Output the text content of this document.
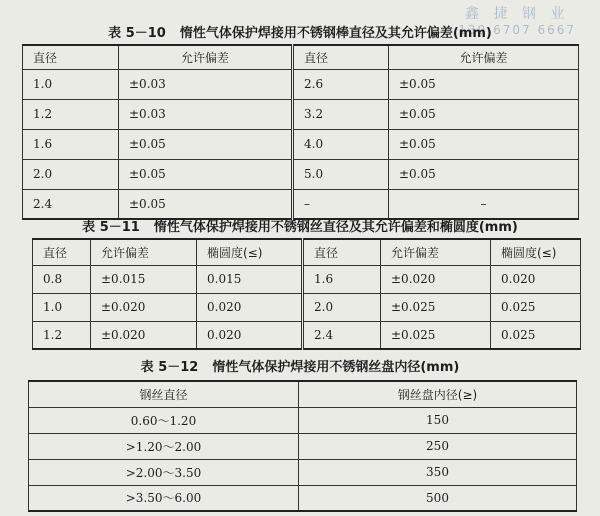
鑫 捷 钢 业
139 6707 6667
表 5－10 惰性气体保护焊接用不锈钢棒直径及其允许偏差(mm)
直径	允许偏差	直径	允许偏差
1.0	±0.03	2.6	±0.05
1.2	±0.03	3.2	±0.05
1.6	±0.05	4.0	±0.05
2.0	±0.05	5.0	±0.05
2.4	±0.05	–	–
表 5－11 惰性气体保护焊接用不锈钢丝直径及其允许偏差和椭圆度(mm)
直径	允许偏差	椭圆度(≤)	直径	允许偏差	椭圆度(≤)
0.8	±0.015	0.015	1.6	±0.020	0.020
1.0	±0.020	0.020	2.0	±0.025	0.025
1.2	±0.020	0.020	2.4	±0.025	0.025
表 5－12 惰性气体保护焊接用不锈钢丝盘内径(mm)
钢丝直径	钢丝盘内径(≥)
0.60～1.20	150
>1.20～2.00	250
>2.00～3.50	350
>3.50～6.00	500
